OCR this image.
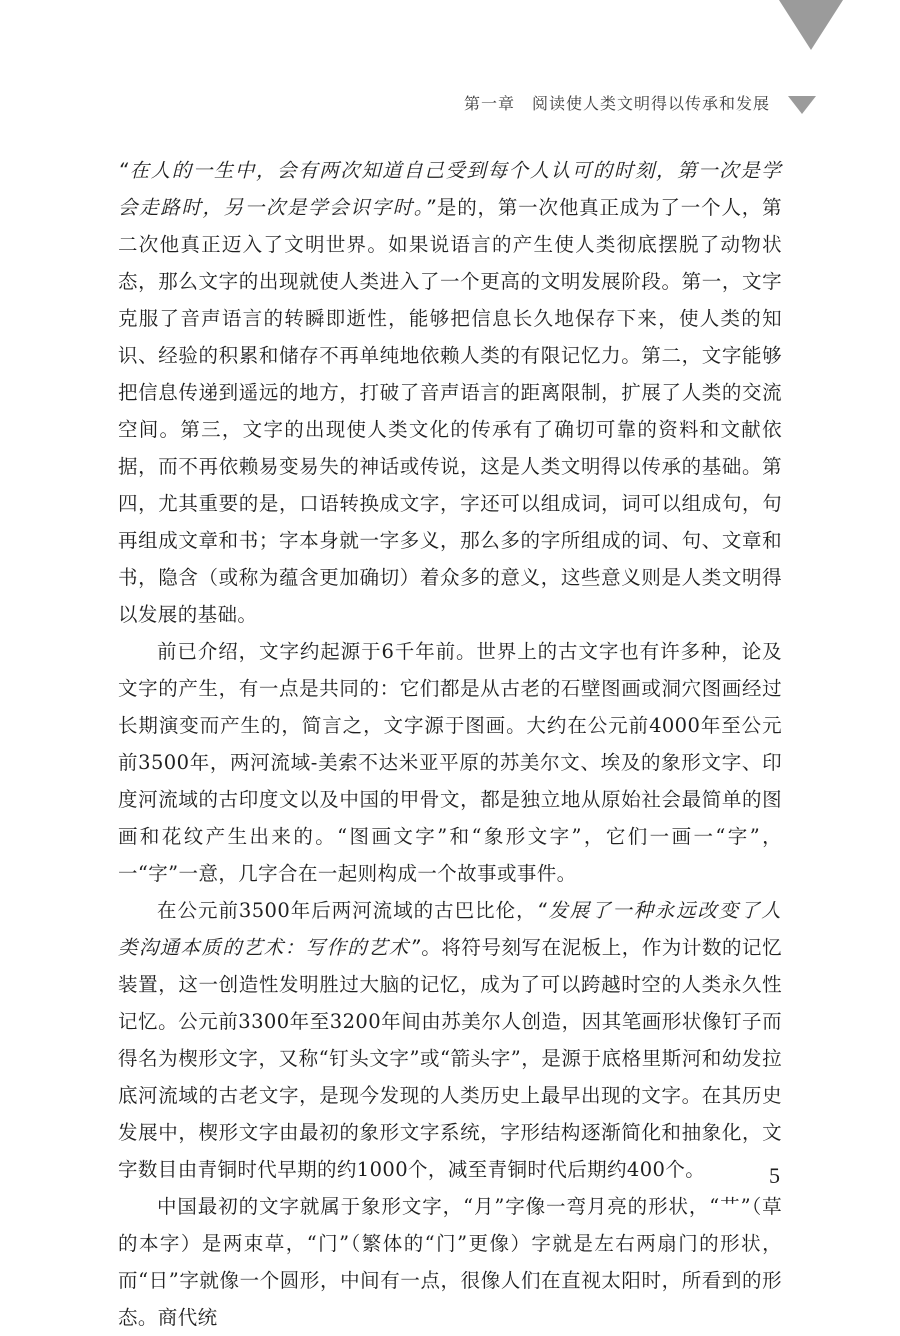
第一章　阅读使人类文明得以传承和发展

“在人的一生中，会有两次知道自己受到每个人认可的时刻，第一次是学会走路时，另一次是学会识字时。”是的，第一次他真正成为了一个人，第二次他真正迈入了文明世界。如果说语言的产生使人类彻底摆脱了动物状态，那么文字的出现就使人类进入了一个更高的文明发展阶段。第一，文字克服了音声语言的转瞬即逝性，能够把信息长久地保存下来，使人类的知识、经验的积累和储存不再单纯地依赖人类的有限记忆力。第二，文字能够把信息传递到遥远的地方，打破了音声语言的距离限制，扩展了人类的交流空间。第三，文字的出现使人类文化的传承有了确切可靠的资料和文献依据，而不再依赖易变易失的神话或传说，这是人类文明得以传承的基础。第四，尤其重要的是，口语转换成文字，字还可以组成词，词可以组成句，句再组成文章和书；字本身就一字多义，那么多的字所组成的词、句、文章和书，隐含（或称为蕴含更加确切）着众多的意义，这些意义则是人类文明得以发展的基础。

前已介绍，文字约起源于6千年前。世界上的古文字也有许多种，论及文字的产生，有一点是共同的：它们都是从古老的石壁图画或洞穴图画经过长期演变而产生的，简言之，文字源于图画。大约在公元前4000年至公元前3500年，两河流域-美索不达米亚平原的苏美尔文、埃及的象形文字、印度河流域的古印度文以及中国的甲骨文，都是独立地从原始社会最简单的图画和花纹产生出来的。“图画文字”和“象形文字”，它们一画一“字”，一“字”一意，几字合在一起则构成一个故事或事件。

在公元前3500年后两河流域的古巴比伦，“发展了一种永远改变了人类沟通本质的艺术：写作的艺术”。将符号刻写在泥板上，作为计数的记忆装置，这一创造性发明胜过大脑的记忆，成为了可以跨越时空的人类永久性记忆。公元前3300年至3200年间由苏美尔人创造，因其笔画形状像钉子而得名为楔形文字，又称“钉头文字”或“箭头字”，是源于底格里斯河和幼发拉底河流域的古老文字，是现今发现的人类历史上最早出现的文字。在其历史发展中，楔形文字由最初的象形文字系统，字形结构逐渐简化和抽象化，文字数目由青铜时代早期的约1000个，减至青铜时代后期约400个。

中国最初的文字就属于象形文字，“月”字像一弯月亮的形状，“艹”（草的本字）是两束草，“门”（繁体的“门”更像）字就是左右两扇门的形状，而“日”字就像一个圆形，中间有一点，很像人们在直视太阳时，所看到的形态。商代统

5
